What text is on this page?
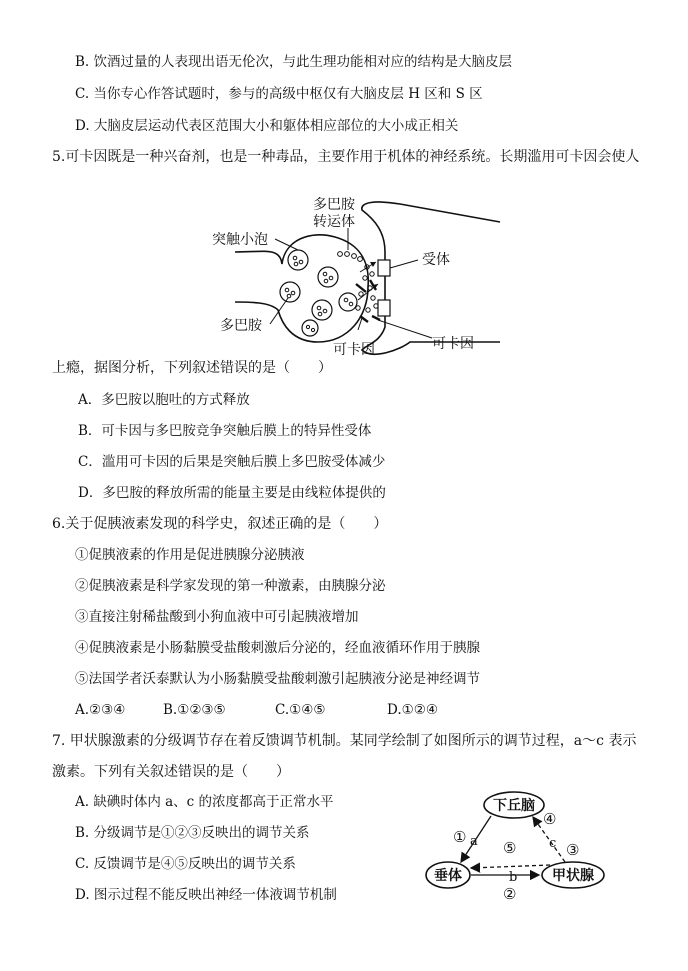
B. 饮酒过量的人表现出语无伦次，与此生理功能相对应的结构是大脑皮层
C. 当你专心作答试题时，参与的高级中枢仅有大脑皮层 H 区和 S 区
D. 大脑皮层运动代表区范围大小和躯体相应部位的大小成正相关
5.可卡因既是一种兴奋剂，也是一种毒品，主要作用于机体的神经系统。长期滥用可卡因会使人
突触小泡
多巴胺
转运体
受体
多巴胺
可卡因	可卡因
上瘾，据图分析，下列叙述错误的是（　　）
A．多巴胺以胞吐的方式释放
B．可卡因与多巴胺竞争突触后膜上的特异性受体
C．滥用可卡因的后果是突触后膜上多巴胺受体减少
D．多巴胺的释放所需的能量主要是由线粒体提供的
6.关于促胰液素发现的科学史，叙述正确的是（　　）
①促胰液素的作用是促进胰腺分泌胰液
②促胰液素是科学家发现的第一种激素，由胰腺分泌
③直接注射稀盐酸到小狗血液中可引起胰液增加
④促胰液素是小肠黏膜受盐酸刺激后分泌的，经血液循环作用于胰腺
⑤法国学者沃泰默认为小肠黏膜受盐酸刺激引起胰液分泌是神经调节
A.②③④	B.①②③⑤	C.①④⑤	D.①②④
7. 甲状腺激素的分级调节存在着反馈调节机制。某同学绘制了如图所示的调节过程，a～c 表示
激素。下列有关叙述错误的是（　　）
A. 缺碘时体内 a、c 的浓度都高于正常水平
B. 分级调节是①②③反映出的调节关系
C. 反馈调节是④⑤反映出的调节关系
D. 图示过程不能反映出神经一体液调节机制
下丘脑
垂体	甲状腺
① a
④
⑤	c ③
b
②
